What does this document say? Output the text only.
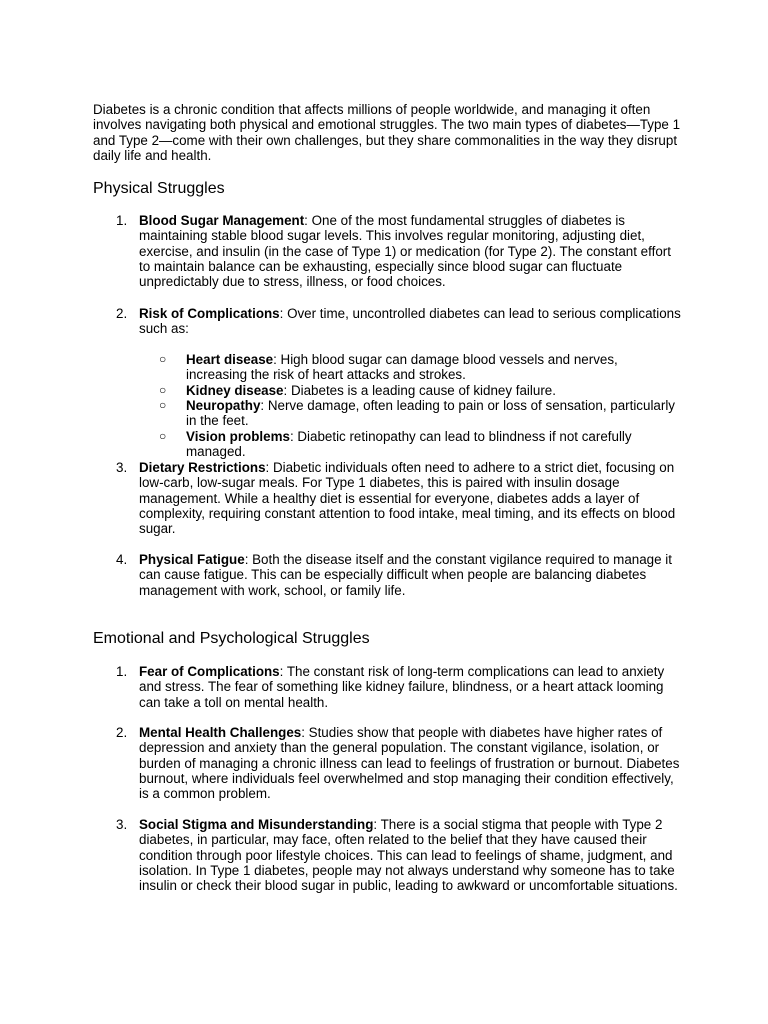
Diabetes is a chronic condition that affects millions of people worldwide, and managing it often involves navigating both physical and emotional struggles. The two main types of diabetes—Type 1 and Type 2—come with their own challenges, but they share commonalities in the way they disrupt daily life and health.

Physical Struggles
1. Blood Sugar Management: One of the most fundamental struggles of diabetes is maintaining stable blood sugar levels. This involves regular monitoring, adjusting diet, exercise, and insulin (in the case of Type 1) or medication (for Type 2). The constant effort to maintain balance can be exhausting, especially since blood sugar can fluctuate unpredictably due to stress, illness, or food choices.

2. Risk of Complications: Over time, uncontrolled diabetes can lead to serious complications such as:

○ Heart disease: High blood sugar can damage blood vessels and nerves, increasing the risk of heart attacks and strokes.
○ Kidney disease: Diabetes is a leading cause of kidney failure.
○ Neuropathy: Nerve damage, often leading to pain or loss of sensation, particularly in the feet.
○ Vision problems: Diabetic retinopathy can lead to blindness if not carefully managed.
3. Dietary Restrictions: Diabetic individuals often need to adhere to a strict diet, focusing on low-carb, low-sugar meals. For Type 1 diabetes, this is paired with insulin dosage management. While a healthy diet is essential for everyone, diabetes adds a layer of complexity, requiring constant attention to food intake, meal timing, and its effects on blood sugar.

4. Physical Fatigue: Both the disease itself and the constant vigilance required to manage it can cause fatigue. This can be especially difficult when people are balancing diabetes management with work, school, or family life.

Emotional and Psychological Struggles
1. Fear of Complications: The constant risk of long-term complications can lead to anxiety and stress. The fear of something like kidney failure, blindness, or a heart attack looming can take a toll on mental health.

2. Mental Health Challenges: Studies show that people with diabetes have higher rates of depression and anxiety than the general population. The constant vigilance, isolation, or burden of managing a chronic illness can lead to feelings of frustration or burnout. Diabetes burnout, where individuals feel overwhelmed and stop managing their condition effectively, is a common problem.

3. Social Stigma and Misunderstanding: There is a social stigma that people with Type 2 diabetes, in particular, may face, often related to the belief that they have caused their condition through poor lifestyle choices. This can lead to feelings of shame, judgment, and isolation. In Type 1 diabetes, people may not always understand why someone has to take insulin or check their blood sugar in public, leading to awkward or uncomfortable situations.
